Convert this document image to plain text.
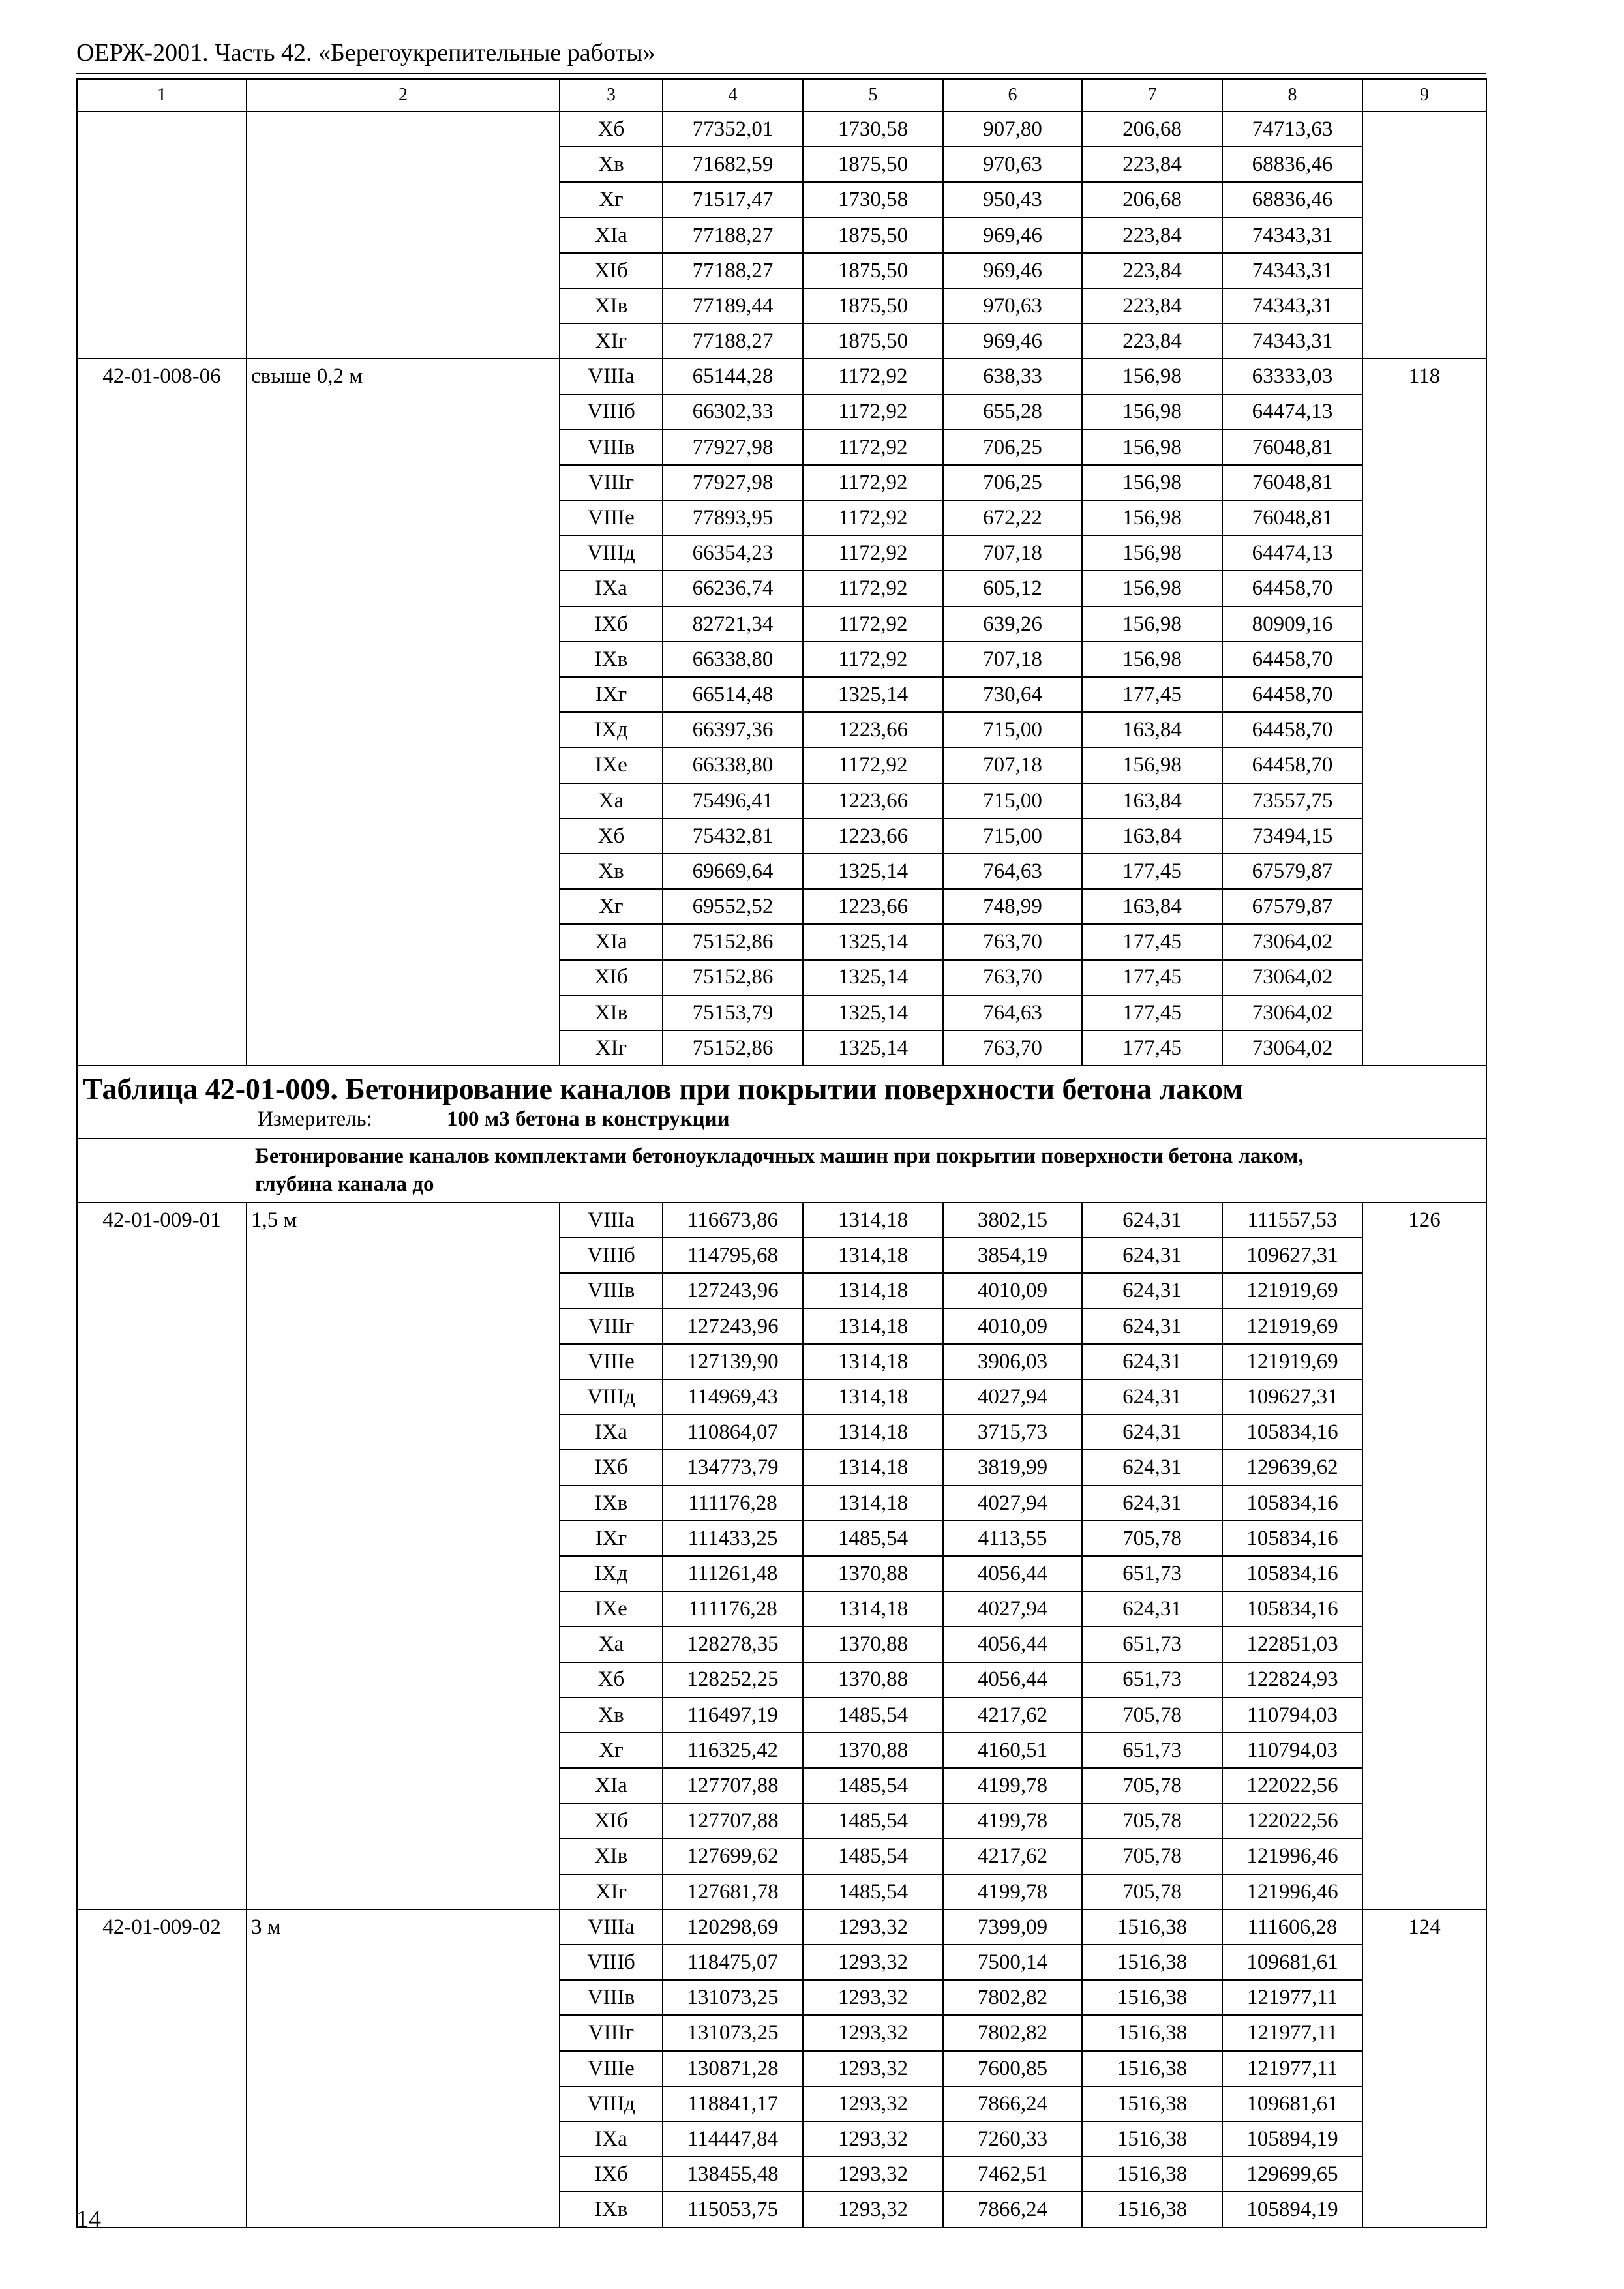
ОЕРЖ-2001. Часть 42. «Берегоукрепительные работы»
1	2	3	4	5	6	7	8	9
		Хб	77352,01	1730,58	907,80	206,68	74713,63	
		Хв	71682,59	1875,50	970,63	223,84	68836,46	
		Хг	71517,47	1730,58	950,43	206,68	68836,46	
		XIа	77188,27	1875,50	969,46	223,84	74343,31	
		XIб	77188,27	1875,50	969,46	223,84	74343,31	
		XIв	77189,44	1875,50	970,63	223,84	74343,31	
		XIг	77188,27	1875,50	969,46	223,84	74343,31	
42-01-008-06	свыше 0,2 м	VIIIа	65144,28	1172,92	638,33	156,98	63333,03	118
		VIIIб	66302,33	1172,92	655,28	156,98	64474,13	
		VIIIв	77927,98	1172,92	706,25	156,98	76048,81	
		VIIIг	77927,98	1172,92	706,25	156,98	76048,81	
		VIIIе	77893,95	1172,92	672,22	156,98	76048,81	
		VIIIд	66354,23	1172,92	707,18	156,98	64474,13	
		IXа	66236,74	1172,92	605,12	156,98	64458,70	
		IXб	82721,34	1172,92	639,26	156,98	80909,16	
		IXв	66338,80	1172,92	707,18	156,98	64458,70	
		IXг	66514,48	1325,14	730,64	177,45	64458,70	
		IXд	66397,36	1223,66	715,00	163,84	64458,70	
		IXе	66338,80	1172,92	707,18	156,98	64458,70	
		Ха	75496,41	1223,66	715,00	163,84	73557,75	
		Хб	75432,81	1223,66	715,00	163,84	73494,15	
		Хв	69669,64	1325,14	764,63	177,45	67579,87	
		Хг	69552,52	1223,66	748,99	163,84	67579,87	
		XIа	75152,86	1325,14	763,70	177,45	73064,02	
		XIб	75152,86	1325,14	763,70	177,45	73064,02	
		XIв	75153,79	1325,14	764,63	177,45	73064,02	
		XIг	75152,86	1325,14	763,70	177,45	73064,02	

Таблица 42-01-009. Бетонирование каналов при покрытии поверхности бетона лаком
Измеритель: 100 м3 бетона в конструкции								

Бетонирование каналов комплектами бетоноукладочных машин при покрытии поверхности бетона лаком,
глубина канала до								

42-01-009-01	1,5 м	VIIIа	116673,86	1314,18	3802,15	624,31	111557,53	126
		VIIIб	114795,68	1314,18	3854,19	624,31	109627,31	
		VIIIв	127243,96	1314,18	4010,09	624,31	121919,69	
		VIIIг	127243,96	1314,18	4010,09	624,31	121919,69	
		VIIIе	127139,90	1314,18	3906,03	624,31	121919,69	
		VIIIд	114969,43	1314,18	4027,94	624,31	109627,31	
		IXа	110864,07	1314,18	3715,73	624,31	105834,16	
		IXб	134773,79	1314,18	3819,99	624,31	129639,62	
		IXв	111176,28	1314,18	4027,94	624,31	105834,16	
		IXг	111433,25	1485,54	4113,55	705,78	105834,16	
		IXд	111261,48	1370,88	4056,44	651,73	105834,16	
		IXе	111176,28	1314,18	4027,94	624,31	105834,16	
		Ха	128278,35	1370,88	4056,44	651,73	122851,03	
		Хб	128252,25	1370,88	4056,44	651,73	122824,93	
		Хв	116497,19	1485,54	4217,62	705,78	110794,03	
		Хг	116325,42	1370,88	4160,51	651,73	110794,03	
		XIа	127707,88	1485,54	4199,78	705,78	122022,56	
		XIб	127707,88	1485,54	4199,78	705,78	122022,56	
		XIв	127699,62	1485,54	4217,62	705,78	121996,46	
		XIг	127681,78	1485,54	4199,78	705,78	121996,46	
42-01-009-02	3 м	VIIIа	120298,69	1293,32	7399,09	1516,38	111606,28	124
		VIIIб	118475,07	1293,32	7500,14	1516,38	109681,61	
		VIIIв	131073,25	1293,32	7802,82	1516,38	121977,11	
		VIIIг	131073,25	1293,32	7802,82	1516,38	121977,11	
		VIIIе	130871,28	1293,32	7600,85	1516,38	121977,11	
		VIIIд	118841,17	1293,32	7866,24	1516,38	109681,61	
		IXа	114447,84	1293,32	7260,33	1516,38	105894,19	
		IXб	138455,48	1293,32	7462,51	1516,38	129699,65	
		IXв	115053,75	1293,32	7866,24	1516,38	105894,19	
14
